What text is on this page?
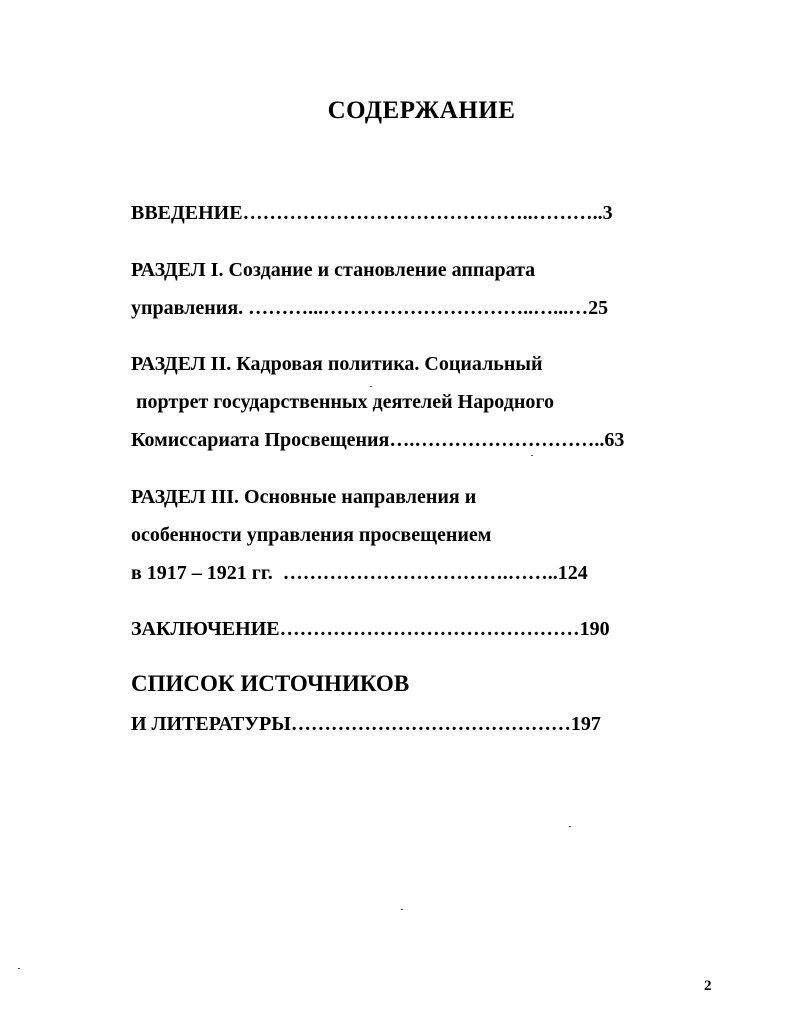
СОДЕРЖАНИЕ
ВВЕДЕНИЕ……………………………………..………..3
РАЗДЕЛ I. Создание и становление аппарата
управления. ………...…………………………..…...…25
РАЗДЕЛ II. Кадровая политика. Социальный
портрет государственных деятелей Народного
Комиссариата Просвещения….………………………..63
РАЗДЕЛ III. Основные направления и
особенности управления просвещением
в 1917 – 1921 гг.  …………………………….……..124
ЗАКЛЮЧЕНИЕ………………………………………190
СПИСОК ИСТОЧНИКОВ
И ЛИТЕРАТУРЫ……………………………………197
2
